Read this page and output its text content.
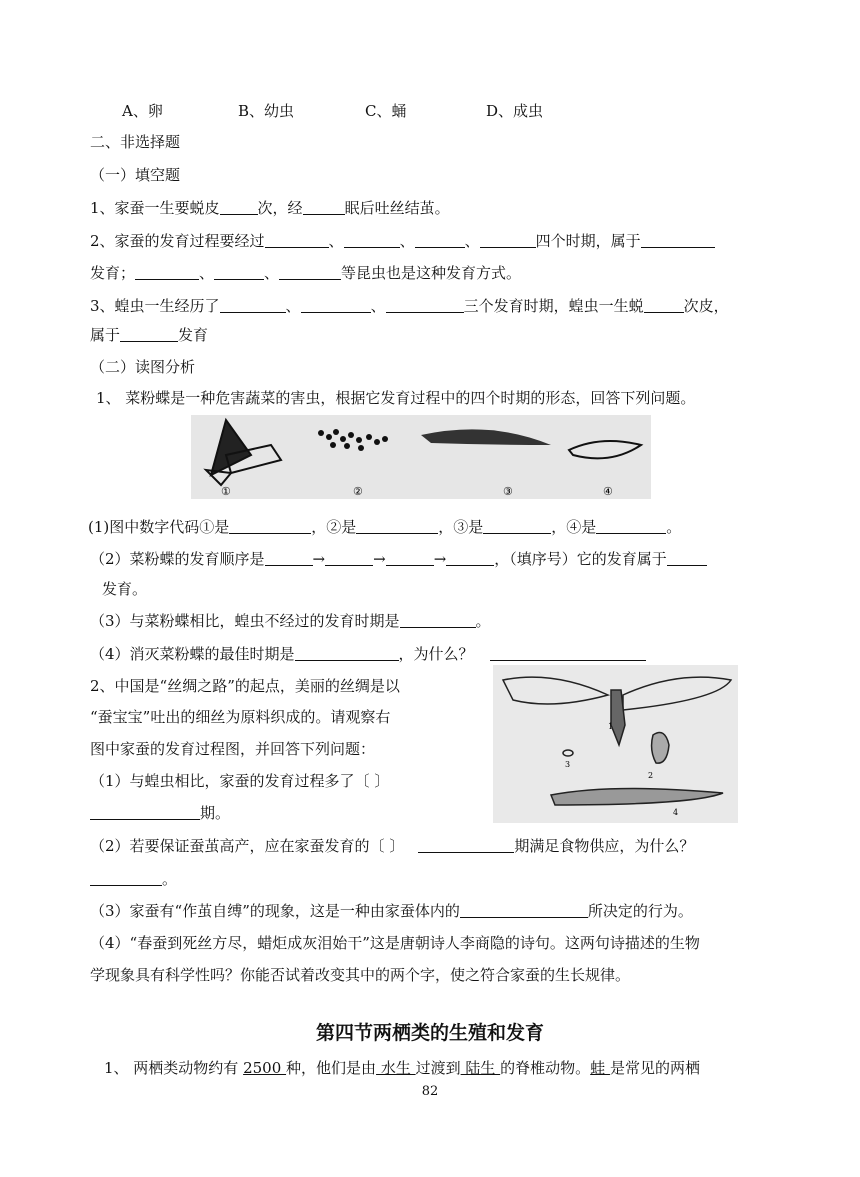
A、卵	B、幼虫	C、蛹	D、成虫
二、非选择题
（一）填空题
1、家蚕一生要蜕皮	次，经	眠后吐丝结茧。
2、家蚕的发育过程要经过	、	、	、	四个时期，属于
发育；	、	、	等昆虫也是这种发育方式。
3、蝗虫一生经历了	、	、	三个发育时期，蝗虫一生蜕	次皮，
属于	发育
（二）读图分析
1、 菜粉蝶是一种危害蔬菜的害虫，根据它发育过程中的四个时期的形态，回答下列问题。
①	②	③	④
(1)图中数字代码①是	，②是	，③是	，④是	。
（2）菜粉蝶的发育顺序是	→	→	→	，（填序号）它的发育属于
发育。
（3）与菜粉蝶相比，蝗虫不经过的发育时期是	。
（4）消灭菜粉蝶的最佳时期是	，为什么？
2、中国是“丝绸之路”的起点，美丽的丝绸是以
“蚕宝宝”吐出的细丝为原料织成的。请观察右
图中家蚕的发育过程图，并回答下列问题：
（1）与蝗虫相比，家蚕的发育过程多了〔 〕
期。
1
2
3
4
（2）若要保证蚕茧高产，应在家蚕发育的〔 〕	期满足食物供应，为什么？
。
（3）家蚕有“作茧自缚”的现象，这是一种由家蚕体内的	所决定的行为。
（4）“春蚕到死丝方尽，蜡炬成灰泪始干”这是唐朝诗人李商隐的诗句。这两句诗描述的生物
学现象具有科学性吗？你能否试着改变其中的两个字，使之符合家蚕的生长规律。
第四节两栖类的生殖和发育
1、 两栖类动物约有 2500 种，他们是由 水生 过渡到 陆生 的脊椎动物。蛙 是常见的两栖
82
